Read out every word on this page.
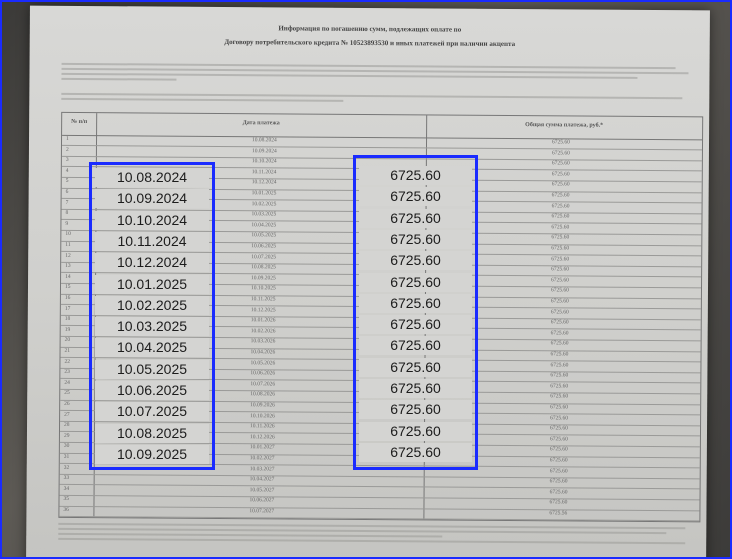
Информация по погашению сумм, подлежащих оплате по
Договору потребительского кредита № 10523893530 и иных платежей при наличии акцепта
№ п/п	Дата платежа	Общая сумма платежа, руб.*
1	10.08.2024	6725.60
2	10.09.2024	6725.60
3	10.10.2024	6725.60
4	10.11.2024	6725.60
5	10.12.2024	6725.60
6	10.01.2025	6725.60
7	10.02.2025	6725.60
8	10.03.2025	6725.60
9	10.04.2025	6725.60
10	10.05.2025	6725.60
11	10.06.2025	6725.60
12	10.07.2025	6725.60
13	10.08.2025	6725.60
14	10.09.2025	6725.60
15	10.10.2025	6725.60
16	10.11.2025	6725.60
17	10.12.2025	6725.60
18	10.01.2026	6725.60
19	10.02.2026	6725.60
20	10.03.2026	6725.60
21	10.04.2026	6725.60
22	10.05.2026	6725.60
23	10.06.2026	6725.60
24	10.07.2026	6725.60
25	10.08.2026	6725.60
26	10.09.2026	6725.60
27	10.10.2026	6725.60
28	10.11.2026	6725.60
29	10.12.2026	6725.60
30	10.01.2027	6725.60
31	10.02.2027	6725.60
32	10.03.2027	6725.60
33	10.04.2027	6725.60
34	10.05.2027	6725.60
35	10.06.2027	6725.60
36	10.07.2027	6725.56
10.08.2024
10.09.2024
10.10.2024
10.11.2024
10.12.2024
10.01.2025
10.02.2025
10.03.2025
10.04.2025
10.05.2025
10.06.2025
10.07.2025
10.08.2025
10.09.2025
6725.60
6725.60
6725.60
6725.60
6725.60
6725.60
6725.60
6725.60
6725.60
6725.60
6725.60
6725.60
6725.60
6725.60
